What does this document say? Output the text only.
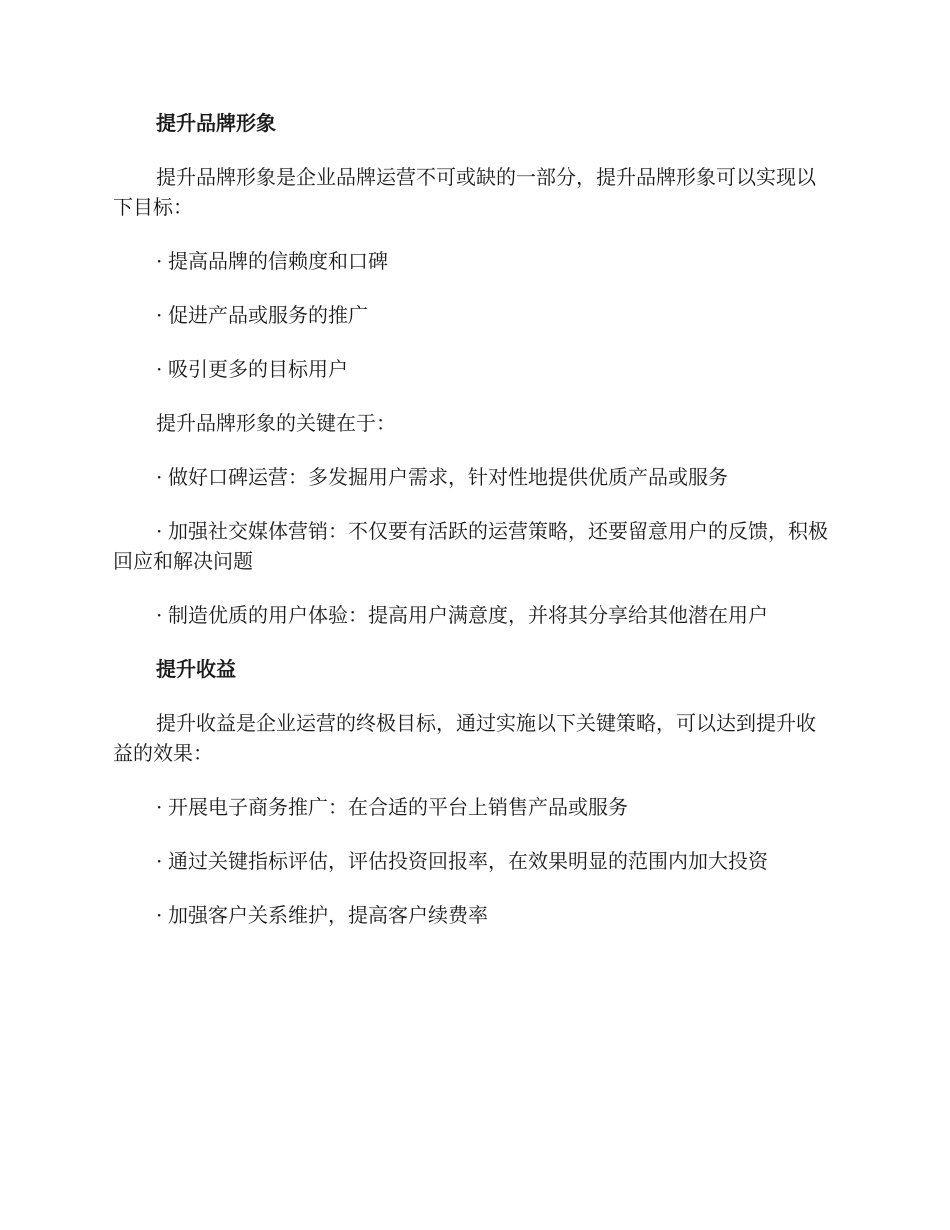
提升品牌形象

提升品牌形象是企业品牌运营不可或缺的一部分，提升品牌形象可以实现以下目标：

· 提高品牌的信赖度和口碑

· 促进产品或服务的推广

· 吸引更多的目标用户

提升品牌形象的关键在于：

· 做好口碑运营：多发掘用户需求，针对性地提供优质产品或服务

· 加强社交媒体营销：不仅要有活跃的运营策略，还要留意用户的反馈，积极回应和解决问题

· 制造优质的用户体验：提高用户满意度，并将其分享给其他潜在用户

提升收益

提升收益是企业运营的终极目标，通过实施以下关键策略，可以达到提升收益的效果：

· 开展电子商务推广：在合适的平台上销售产品或服务

· 通过关键指标评估，评估投资回报率，在效果明显的范围内加大投资

· 加强客户关系维护，提高客户续费率
